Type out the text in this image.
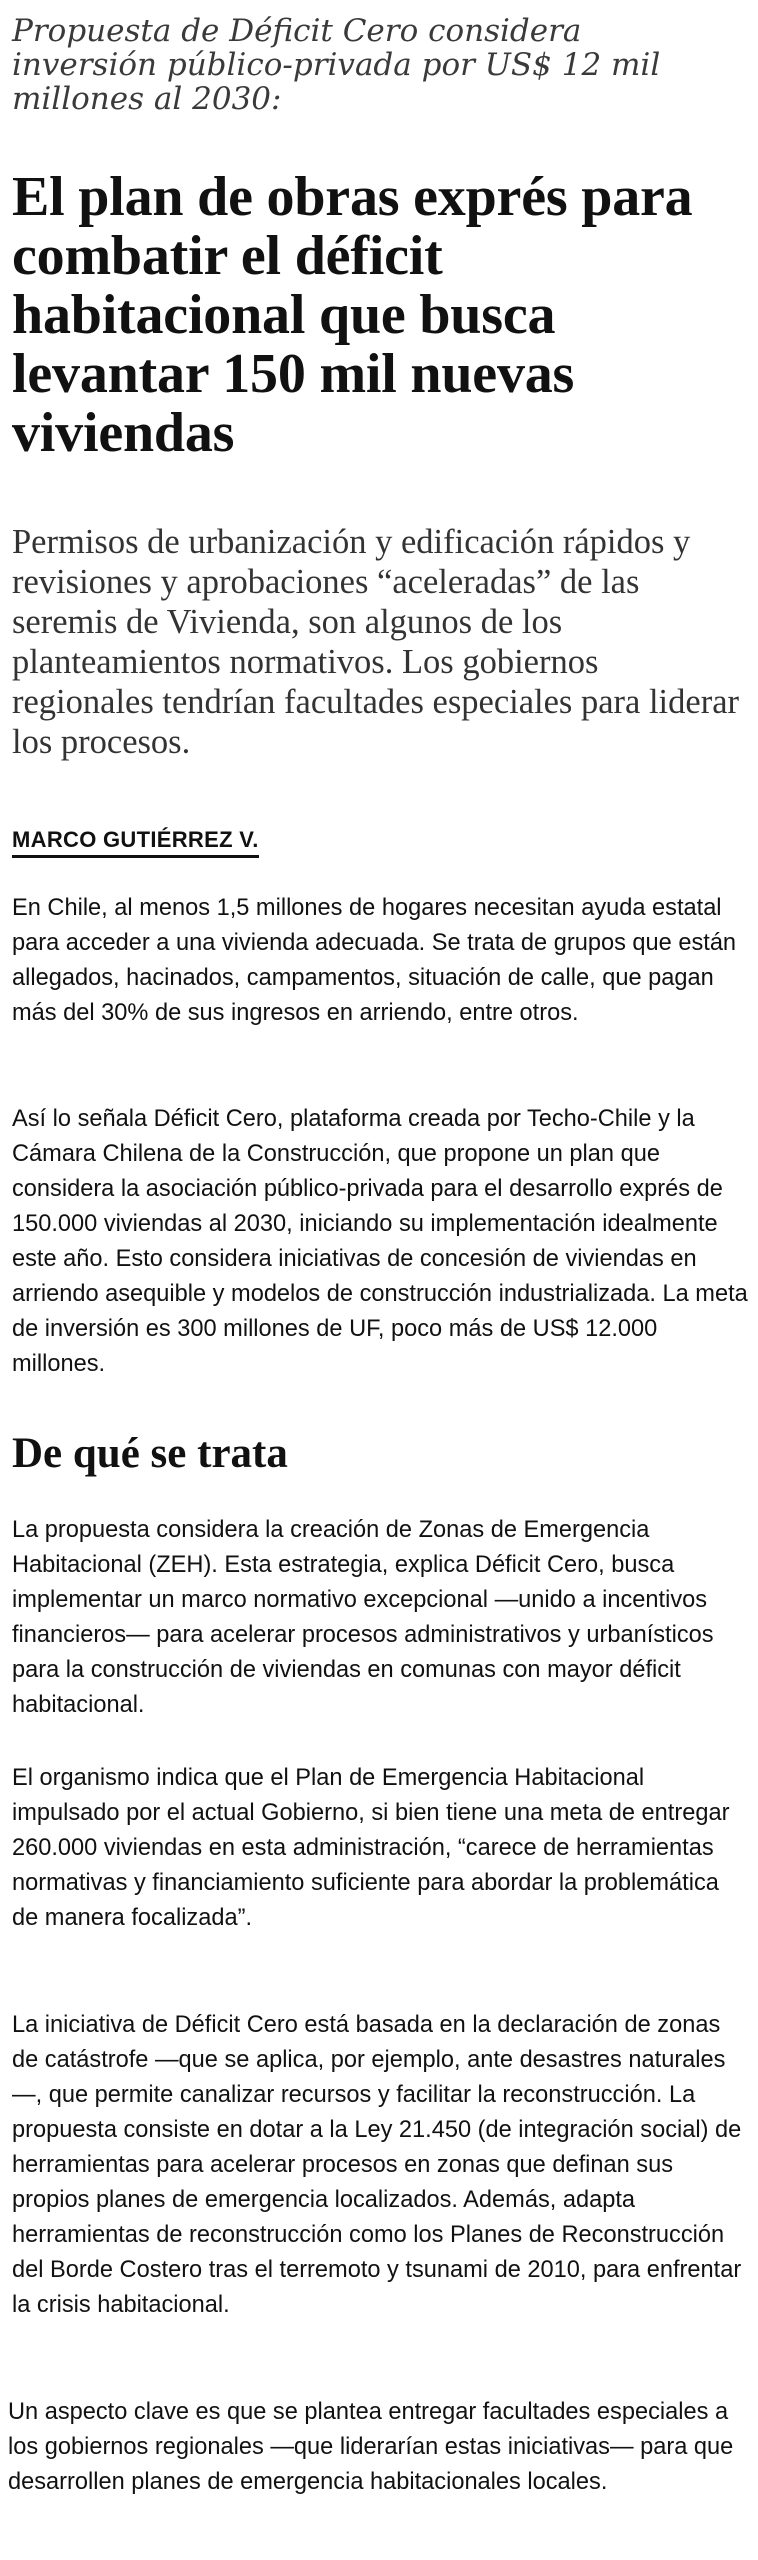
Propuesta de Déficit Cero considera inversión público-privada por US$ 12 mil millones al 2030:

El plan de obras exprés para combatir el déficit habitacional que busca levantar 150 mil nuevas viviendas

Permisos de urbanización y edificación rápidos y revisiones y aprobaciones “aceleradas” de las seremis de Vivienda, son algunos de los planteamientos normativos. Los gobiernos regionales tendrían facultades especiales para liderar los procesos.

MARCO GUTIÉRREZ V.

En Chile, al menos 1,5 millones de hogares necesitan ayuda estatal para acceder a una vivienda adecuada. Se trata de grupos que están allegados, hacinados, campamentos, situación de calle, que pagan más del 30% de sus ingresos en arriendo, entre otros.

Así lo señala Déficit Cero, plataforma creada por Techo-Chile y la Cámara Chilena de la Construcción, que propone un plan que considera la asociación público-privada para el desarrollo exprés de 150.000 viviendas al 2030, iniciando su implementación idealmente este año. Esto considera iniciativas de concesión de viviendas en arriendo asequible y modelos de construcción industrializada. La meta de inversión es 300 millones de UF, poco más de US$ 12.000 millones.

De qué se trata

La propuesta considera la creación de Zonas de Emergencia Habitacional (ZEH). Esta estrategia, explica Déficit Cero, busca implementar un marco normativo excepcional —unido a incentivos financieros— para acelerar procesos administrativos y urbanísticos para la construcción de viviendas en comunas con mayor déficit habitacional.

El organismo indica que el Plan de Emergencia Habitacional impulsado por el actual Gobierno, si bien tiene una meta de entregar 260.000 viviendas en esta administración, “carece de herramientas normativas y financiamiento suficiente para abordar la problemática de manera focalizada”.

La iniciativa de Déficit Cero está basada en la declaración de zonas de catástrofe —que se aplica, por ejemplo, ante desastres naturales—, que permite canalizar recursos y facilitar la reconstrucción. La propuesta consiste en dotar a la Ley 21.450 (de integración social) de herramientas para acelerar procesos en zonas que definan sus propios planes de emergencia localizados. Además, adapta herramientas de reconstrucción como los Planes de Reconstrucción del Borde Costero tras el terremoto y tsunami de 2010, para enfrentar la crisis habitacional.

Un aspecto clave es que se plantea entregar facultades especiales a los gobiernos regionales —que liderarían estas iniciativas— para que desarrollen planes de emergencia habitacionales locales.
